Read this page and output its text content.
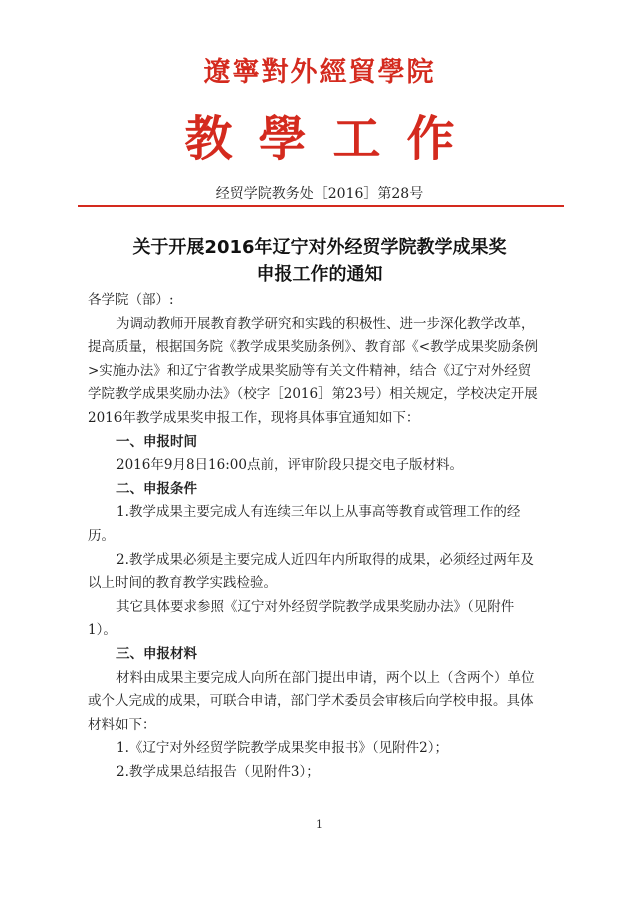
遼寧對外經貿學院
教學工作
经贸学院教务处［2016］第28号
关于开展2016年辽宁对外经贸学院教学成果奖
申报工作的通知

各学院（部）:

为调动教师开展教育教学研究和实践的积极性、进一步深化教学改革，提高质量，根据国务院《教学成果奖励条例》、教育部《<教学成果奖励条例>实施办法》和辽宁省教学成果奖励等有关文件精神，结合《辽宁对外经贸学院教学成果奖励办法》（校字［2016］第23号）相关规定，学校决定开展2016年教学成果奖申报工作，现将具体事宜通知如下：

一、申报时间

2016年9月8日16:00点前，评审阶段只提交电子版材料。

二、申报条件

1.教学成果主要完成人有连续三年以上从事高等教育或管理工作的经历。

2.教学成果必须是主要完成人近四年内所取得的成果，必须经过两年及以上时间的教育教学实践检验。

其它具体要求参照《辽宁对外经贸学院教学成果奖励办法》（见附件1）。

三、申报材料

材料由成果主要完成人向所在部门提出申请，两个以上（含两个）单位或个人完成的成果，可联合申请，部门学术委员会审核后向学校申报。具体材料如下：

1.《辽宁对外经贸学院教学成果奖申报书》（见附件2）；

2.教学成果总结报告（见附件3）；

1
